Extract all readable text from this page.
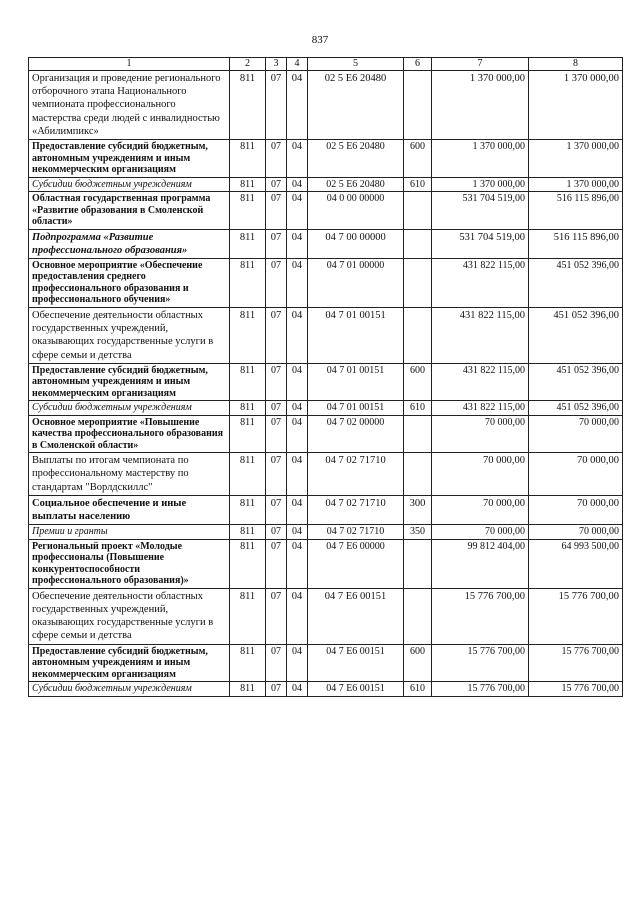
837
1	2	3	4	5	6	7	8
Организация и проведение регионального отборочного этапа Национального чемпионата профессионального мастерства среди людей с инвалидностью «Абилимпикс»	811	07	04	02 5 Е6 20480		1 370 000,00	1 370 000,00
Предоставление субсидий бюджетным, автономным учреждениям и иным некоммерческим организациям	811	07	04	02 5 Е6 20480	600	1 370 000,00	1 370 000,00
Субсидии бюджетным учреждениям	811	07	04	02 5 Е6 20480	610	1 370 000,00	1 370 000,00
Областная государственная программа «Развитие образования в Смоленской области»	811	07	04	04 0 00 00000		531 704 519,00	516 115 896,00
Подпрограмма «Развитие профессионального образования»	811	07	04	04 7 00 00000		531 704 519,00	516 115 896,00
Основное мероприятие «Обеспечение предоставления среднего профессионального образования и профессионального обучения»	811	07	04	04 7 01 00000		431 822 115,00	451 052 396,00
Обеспечение деятельности областных государственных учреждений, оказывающих государственные услуги в сфере семьи и детства	811	07	04	04 7 01 00151		431 822 115,00	451 052 396,00
Предоставление субсидий бюджетным, автономным учреждениям и иным некоммерческим организациям	811	07	04	04 7 01 00151	600	431 822 115,00	451 052 396,00
Субсидии бюджетным учреждениям	811	07	04	04 7 01 00151	610	431 822 115,00	451 052 396,00
Основное мероприятие «Повышение качества профессионального образования в Смоленской области»	811	07	04	04 7 02 00000		70 000,00	70 000,00
Выплаты по итогам чемпионата по профессиональному мастерству по стандартам "Ворлдскиллс"	811	07	04	04 7 02 71710		70 000,00	70 000,00
Социальное обеспечение и иные выплаты населению	811	07	04	04 7 02 71710	300	70 000,00	70 000,00
Премии и гранты	811	07	04	04 7 02 71710	350	70 000,00	70 000,00
Региональный проект «Молодые профессионалы (Повышение конкурентоспособности профессионального образования)»	811	07	04	04 7 Е6 00000		99 812 404,00	64 993 500,00
Обеспечение деятельности областных государственных учреждений, оказывающих государственные услуги в сфере семьи и детства	811	07	04	04 7 Е6 00151		15 776 700,00	15 776 700,00
Предоставление субсидий бюджетным, автономным учреждениям и иным некоммерческим организациям	811	07	04	04 7 Е6 00151	600	15 776 700,00	15 776 700,00
Субсидии бюджетным учреждениям	811	07	04	04 7 Е6 00151	610	15 776 700,00	15 776 700,00
